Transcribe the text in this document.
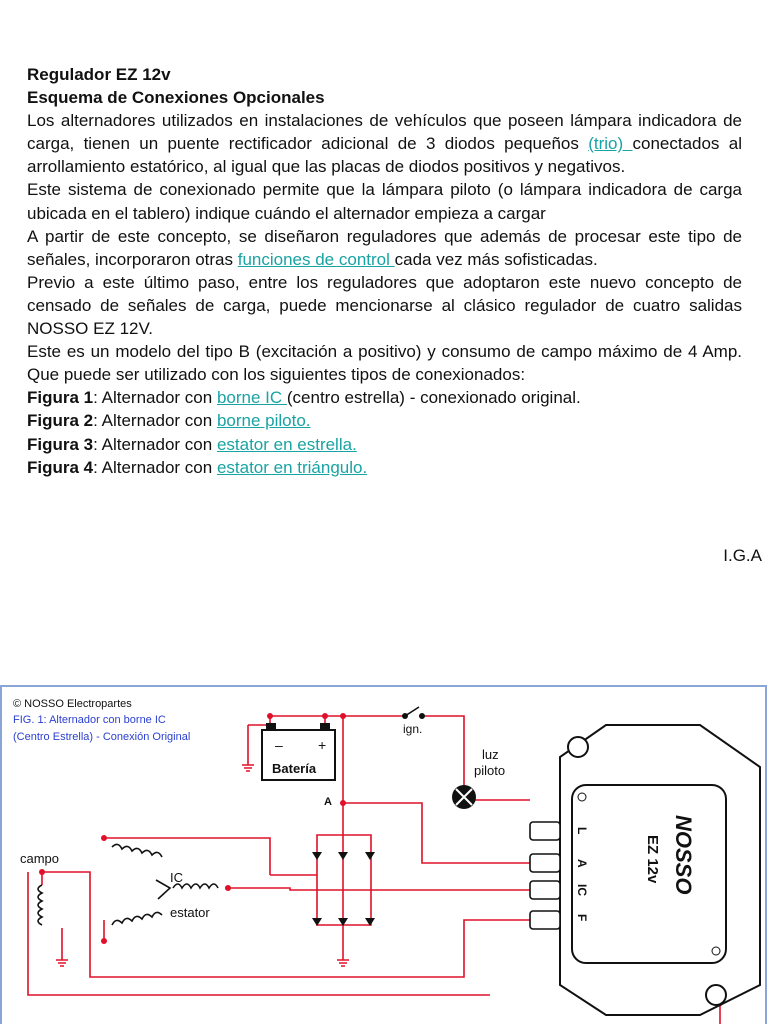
Regulador EZ 12v

Esquema de Conexiones Opcionales

Los alternadores utilizados en instalaciones de vehículos que poseen lámpara indicadora de carga, tienen un puente rectificador adicional de 3 diodos pequeños (trio) conectados al arrollamiento estatórico, al igual que las placas de diodos positivos y negativos.

Este sistema de conexionado permite que la lámpara piloto (o lámpara indicadora de carga ubicada en el tablero) indique cuándo el alternador empieza a cargar

A partir de este concepto, se diseñaron reguladores que además de procesar este tipo de señales, incorporaron otras funciones de control cada vez más sofisticadas.

Previo a este último paso, entre los reguladores que adoptaron este nuevo concepto de censado de señales de carga, puede mencionarse al clásico regulador de cuatro salidas NOSSO EZ 12V.

Este es un modelo del tipo B (excitación a positivo) y consumo de campo máximo de 4 Amp. Que puede ser utilizado con los siguientes tipos de conexionados:

Figura 1: Alternador con borne IC (centro estrella) - conexionado original.

Figura 2: Alternador con borne piloto.

Figura 3: Alternador con estator en estrella.

Figura 4: Alternador con estator en triángulo.

I.G.A
© NOSSO Electropartes
FIG. 1: Alternador con borne IC
(Centro Estrella) - Conexión Original	–	+
Batería
ign.
luz
piloto
A
IC
estator
campo
L
A
IC
F
NOSSO
EZ 12v
